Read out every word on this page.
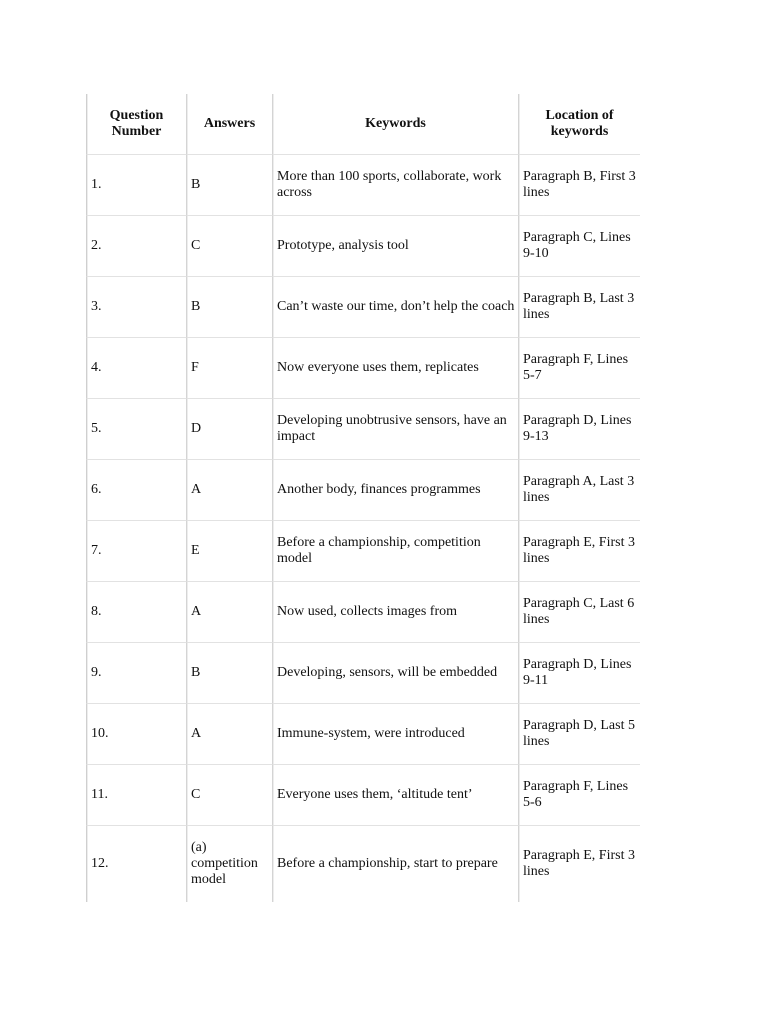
Question Number	Answers	Keywords	Location of keywords
1.	B	More than 100 sports, collaborate, work across	Paragraph B, First 3 lines
2.	C	Prototype, analysis tool	Paragraph C, Lines 9-10
3.	B	Can’t waste our time, don’t help the coach	Paragraph B, Last 3 lines
4.	F	Now everyone uses them, replicates	Paragraph F, Lines 5-7
5.	D	Developing unobtrusive sensors, have an impact	Paragraph D, Lines 9-13
6.	A	Another body, finances programmes	Paragraph A, Last 3 lines
7.	E	Before a championship, competition model	Paragraph E, First 3 lines
8.	A	Now used, collects images from	Paragraph C, Last 6 lines
9.	B	Developing, sensors, will be embedded	Paragraph D, Lines 9-11
10.	A	Immune-system, were introduced	Paragraph D, Last 5 lines
11.	C	Everyone uses them, ‘altitude tent’	Paragraph F, Lines 5-6
12.	(a) competition model	Before a championship, start to prepare	Paragraph E, First 3 lines
